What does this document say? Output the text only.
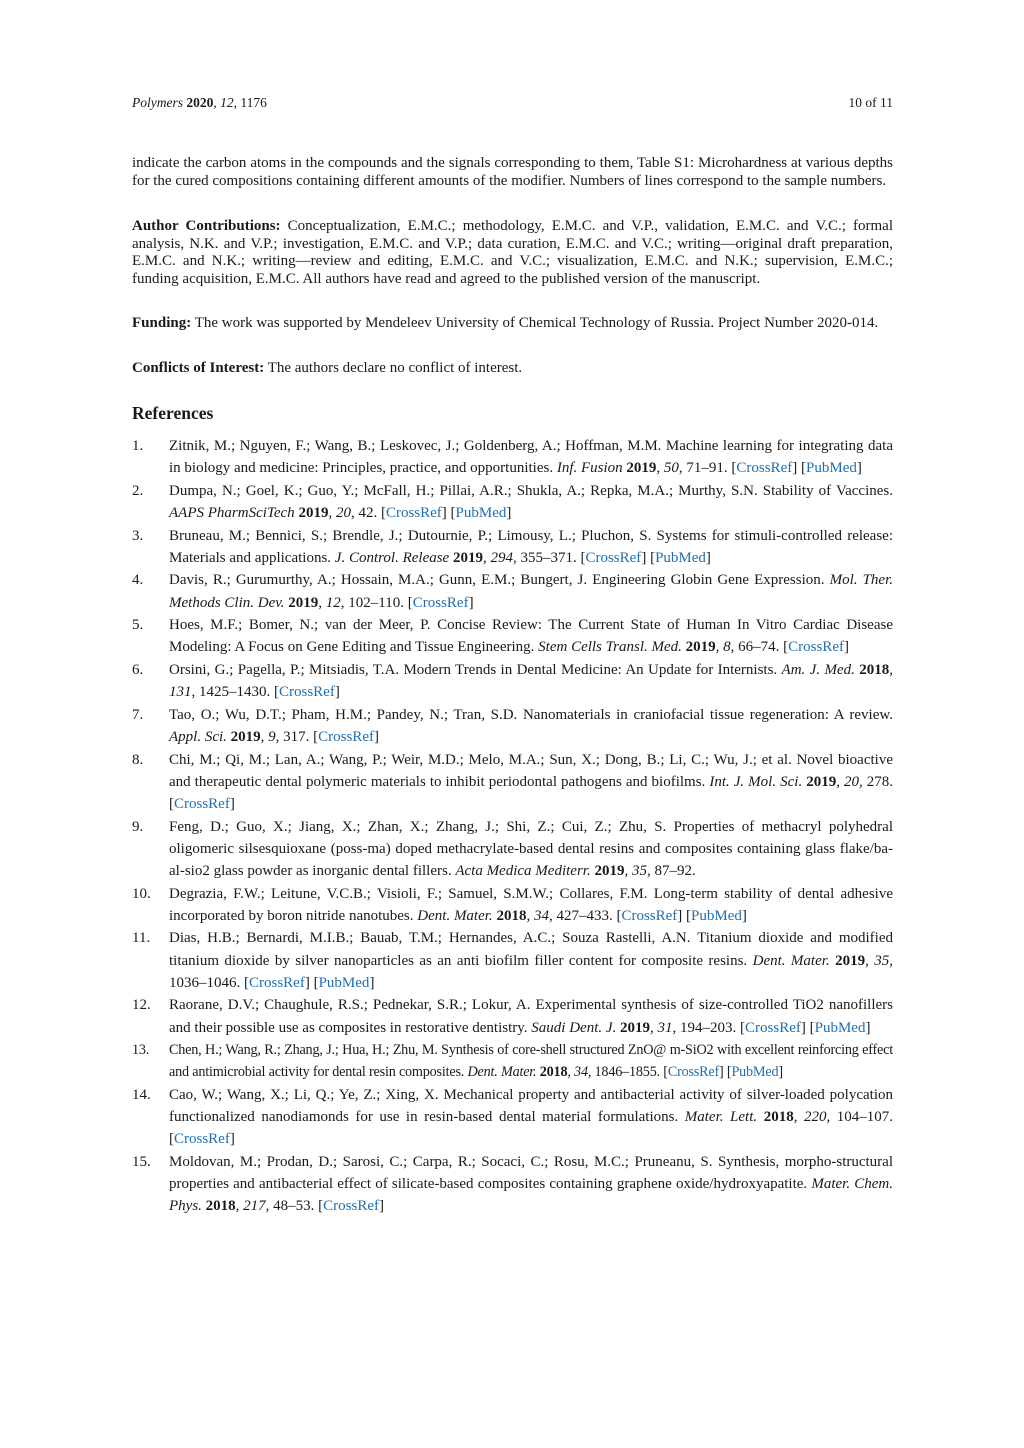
Polymers 2020, 12, 1176	10 of 11

indicate the carbon atoms in the compounds and the signals corresponding to them, Table S1: Microhardness at various depths for the cured compositions containing different amounts of the modifier. Numbers of lines correspond to the sample numbers.

Author Contributions: Conceptualization, E.M.C.; methodology, E.M.C. and V.P., validation, E.M.C. and V.C.; formal analysis, N.K. and V.P.; investigation, E.M.C. and V.P.; data curation, E.M.C. and V.C.; writing—original draft preparation, E.M.C. and N.K.; writing—review and editing, E.M.C. and V.C.; visualization, E.M.C. and N.K.; supervision, E.M.C.; funding acquisition, E.M.C. All authors have read and agreed to the published version of the manuscript.

Funding: The work was supported by Mendeleev University of Chemical Technology of Russia. Project Number 2020-014.

Conflicts of Interest: The authors declare no conflict of interest.

References
1. Zitnik, M.; Nguyen, F.; Wang, B.; Leskovec, J.; Goldenberg, A.; Hoffman, M.M. Machine learning for integrating data in biology and medicine: Principles, practice, and opportunities. Inf. Fusion 2019, 50, 71–91. [CrossRef] [PubMed]
2. Dumpa, N.; Goel, K.; Guo, Y.; McFall, H.; Pillai, A.R.; Shukla, A.; Repka, M.A.; Murthy, S.N. Stability of Vaccines. AAPS PharmSciTech 2019, 20, 42. [CrossRef] [PubMed]
3. Bruneau, M.; Bennici, S.; Brendle, J.; Dutournie, P.; Limousy, L.; Pluchon, S. Systems for stimuli-controlled release: Materials and applications. J. Control. Release 2019, 294, 355–371. [CrossRef] [PubMed]
4. Davis, R.; Gurumurthy, A.; Hossain, M.A.; Gunn, E.M.; Bungert, J. Engineering Globin Gene Expression. Mol. Ther. Methods Clin. Dev. 2019, 12, 102–110. [CrossRef]
5. Hoes, M.F.; Bomer, N.; van der Meer, P. Concise Review: The Current State of Human In Vitro Cardiac Disease Modeling: A Focus on Gene Editing and Tissue Engineering. Stem Cells Transl. Med. 2019, 8, 66–74. [CrossRef]
6. Orsini, G.; Pagella, P.; Mitsiadis, T.A. Modern Trends in Dental Medicine: An Update for Internists. Am. J. Med. 2018, 131, 1425–1430. [CrossRef]
7. Tao, O.; Wu, D.T.; Pham, H.M.; Pandey, N.; Tran, S.D. Nanomaterials in craniofacial tissue regeneration: A review. Appl. Sci. 2019, 9, 317. [CrossRef]
8. Chi, M.; Qi, M.; Lan, A.; Wang, P.; Weir, M.D.; Melo, M.A.; Sun, X.; Dong, B.; Li, C.; Wu, J.; et al. Novel bioactive and therapeutic dental polymeric materials to inhibit periodontal pathogens and biofilms. Int. J. Mol. Sci. 2019, 20, 278. [CrossRef]
9. Feng, D.; Guo, X.; Jiang, X.; Zhan, X.; Zhang, J.; Shi, Z.; Cui, Z.; Zhu, S. Properties of methacryl polyhedral oligomeric silsesquioxane (poss-ma) doped methacrylate-based dental resins and composites containing glass flake/ba-al-sio2 glass powder as inorganic dental fillers. Acta Medica Mediterr. 2019, 35, 87–92.
10. Degrazia, F.W.; Leitune, V.C.B.; Visioli, F.; Samuel, S.M.W.; Collares, F.M. Long-term stability of dental adhesive incorporated by boron nitride nanotubes. Dent. Mater. 2018, 34, 427–433. [CrossRef] [PubMed]
11. Dias, H.B.; Bernardi, M.I.B.; Bauab, T.M.; Hernandes, A.C.; Souza Rastelli, A.N. Titanium dioxide and modified titanium dioxide by silver nanoparticles as an anti biofilm filler content for composite resins. Dent. Mater. 2019, 35, 1036–1046. [CrossRef] [PubMed]
12. Raorane, D.V.; Chaughule, R.S.; Pednekar, S.R.; Lokur, A. Experimental synthesis of size-controlled TiO2 nanofillers and their possible use as composites in restorative dentistry. Saudi Dent. J. 2019, 31, 194–203. [CrossRef] [PubMed]
13. Chen, H.; Wang, R.; Zhang, J.; Hua, H.; Zhu, M. Synthesis of core-shell structured ZnO@ m-SiO2 with excellent reinforcing effect and antimicrobial activity for dental resin composites. Dent. Mater. 2018, 34, 1846–1855. [CrossRef] [PubMed]
14. Cao, W.; Wang, X.; Li, Q.; Ye, Z.; Xing, X. Mechanical property and antibacterial activity of silver-loaded polycation functionalized nanodiamonds for use in resin-based dental material formulations. Mater. Lett. 2018, 220, 104–107. [CrossRef]
15. Moldovan, M.; Prodan, D.; Sarosi, C.; Carpa, R.; Socaci, C.; Rosu, M.C.; Pruneanu, S. Synthesis, morpho-structural properties and antibacterial effect of silicate-based composites containing graphene oxide/hydroxyapatite. Mater. Chem. Phys. 2018, 217, 48–53. [CrossRef]
